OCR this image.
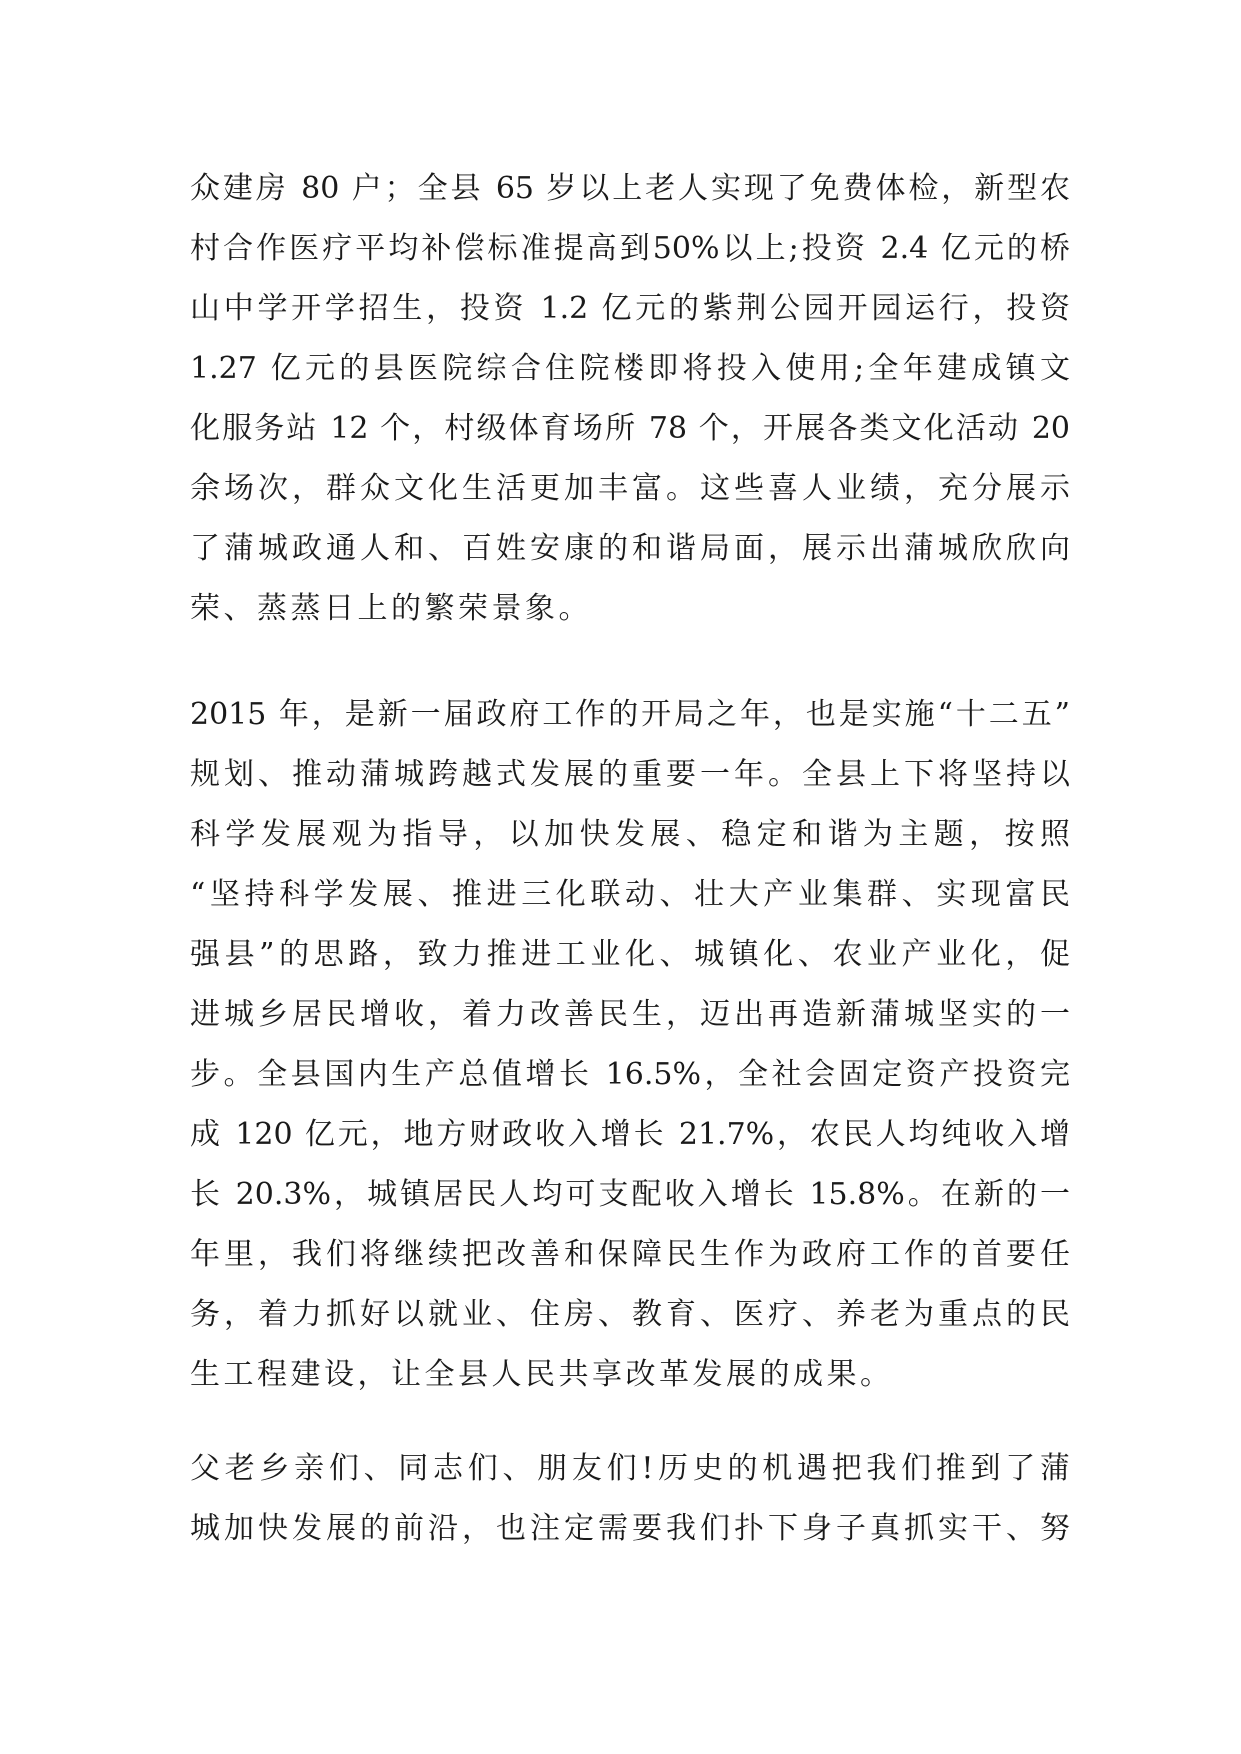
众建房 80 户；全县 65 岁以上老人实现了免费体检，新型农
村合作医疗平均补偿标准提高到50%以上;投资 2.4 亿元的桥
山中学开学招生，投资 1.2 亿元的紫荆公园开园运行，投资
1.27 亿元的县医院综合住院楼即将投入使用;全年建成镇文
化服务站 12 个，村级体育场所 78 个，开展各类文化活动 20
余场次，群众文化生活更加丰富。这些喜人业绩，充分展示
了蒲城政通人和、百姓安康的和谐局面，展示出蒲城欣欣向
荣、蒸蒸日上的繁荣景象。
2015 年，是新一届政府工作的开局之年，也是实施“十二五”
规划、推动蒲城跨越式发展的重要一年。全县上下将坚持以
科学发展观为指导，以加快发展、稳定和谐为主题，按照
“坚持科学发展、推进三化联动、壮大产业集群、实现富民
强县”的思路，致力推进工业化、城镇化、农业产业化，促
进城乡居民增收，着力改善民生，迈出再造新蒲城坚实的一
步。全县国内生产总值增长 16.5%，全社会固定资产投资完
成 120 亿元，地方财政收入增长 21.7%，农民人均纯收入增
长 20.3%，城镇居民人均可支配收入增长 15.8%。在新的一
年里，我们将继续把改善和保障民生作为政府工作的首要任
务，着力抓好以就业、住房、教育、医疗、养老为重点的民
生工程建设，让全县人民共享改革发展的成果。
父老乡亲们、同志们、朋友们!历史的机遇把我们推到了蒲
城加快发展的前沿，也注定需要我们扑下身子真抓实干、努
